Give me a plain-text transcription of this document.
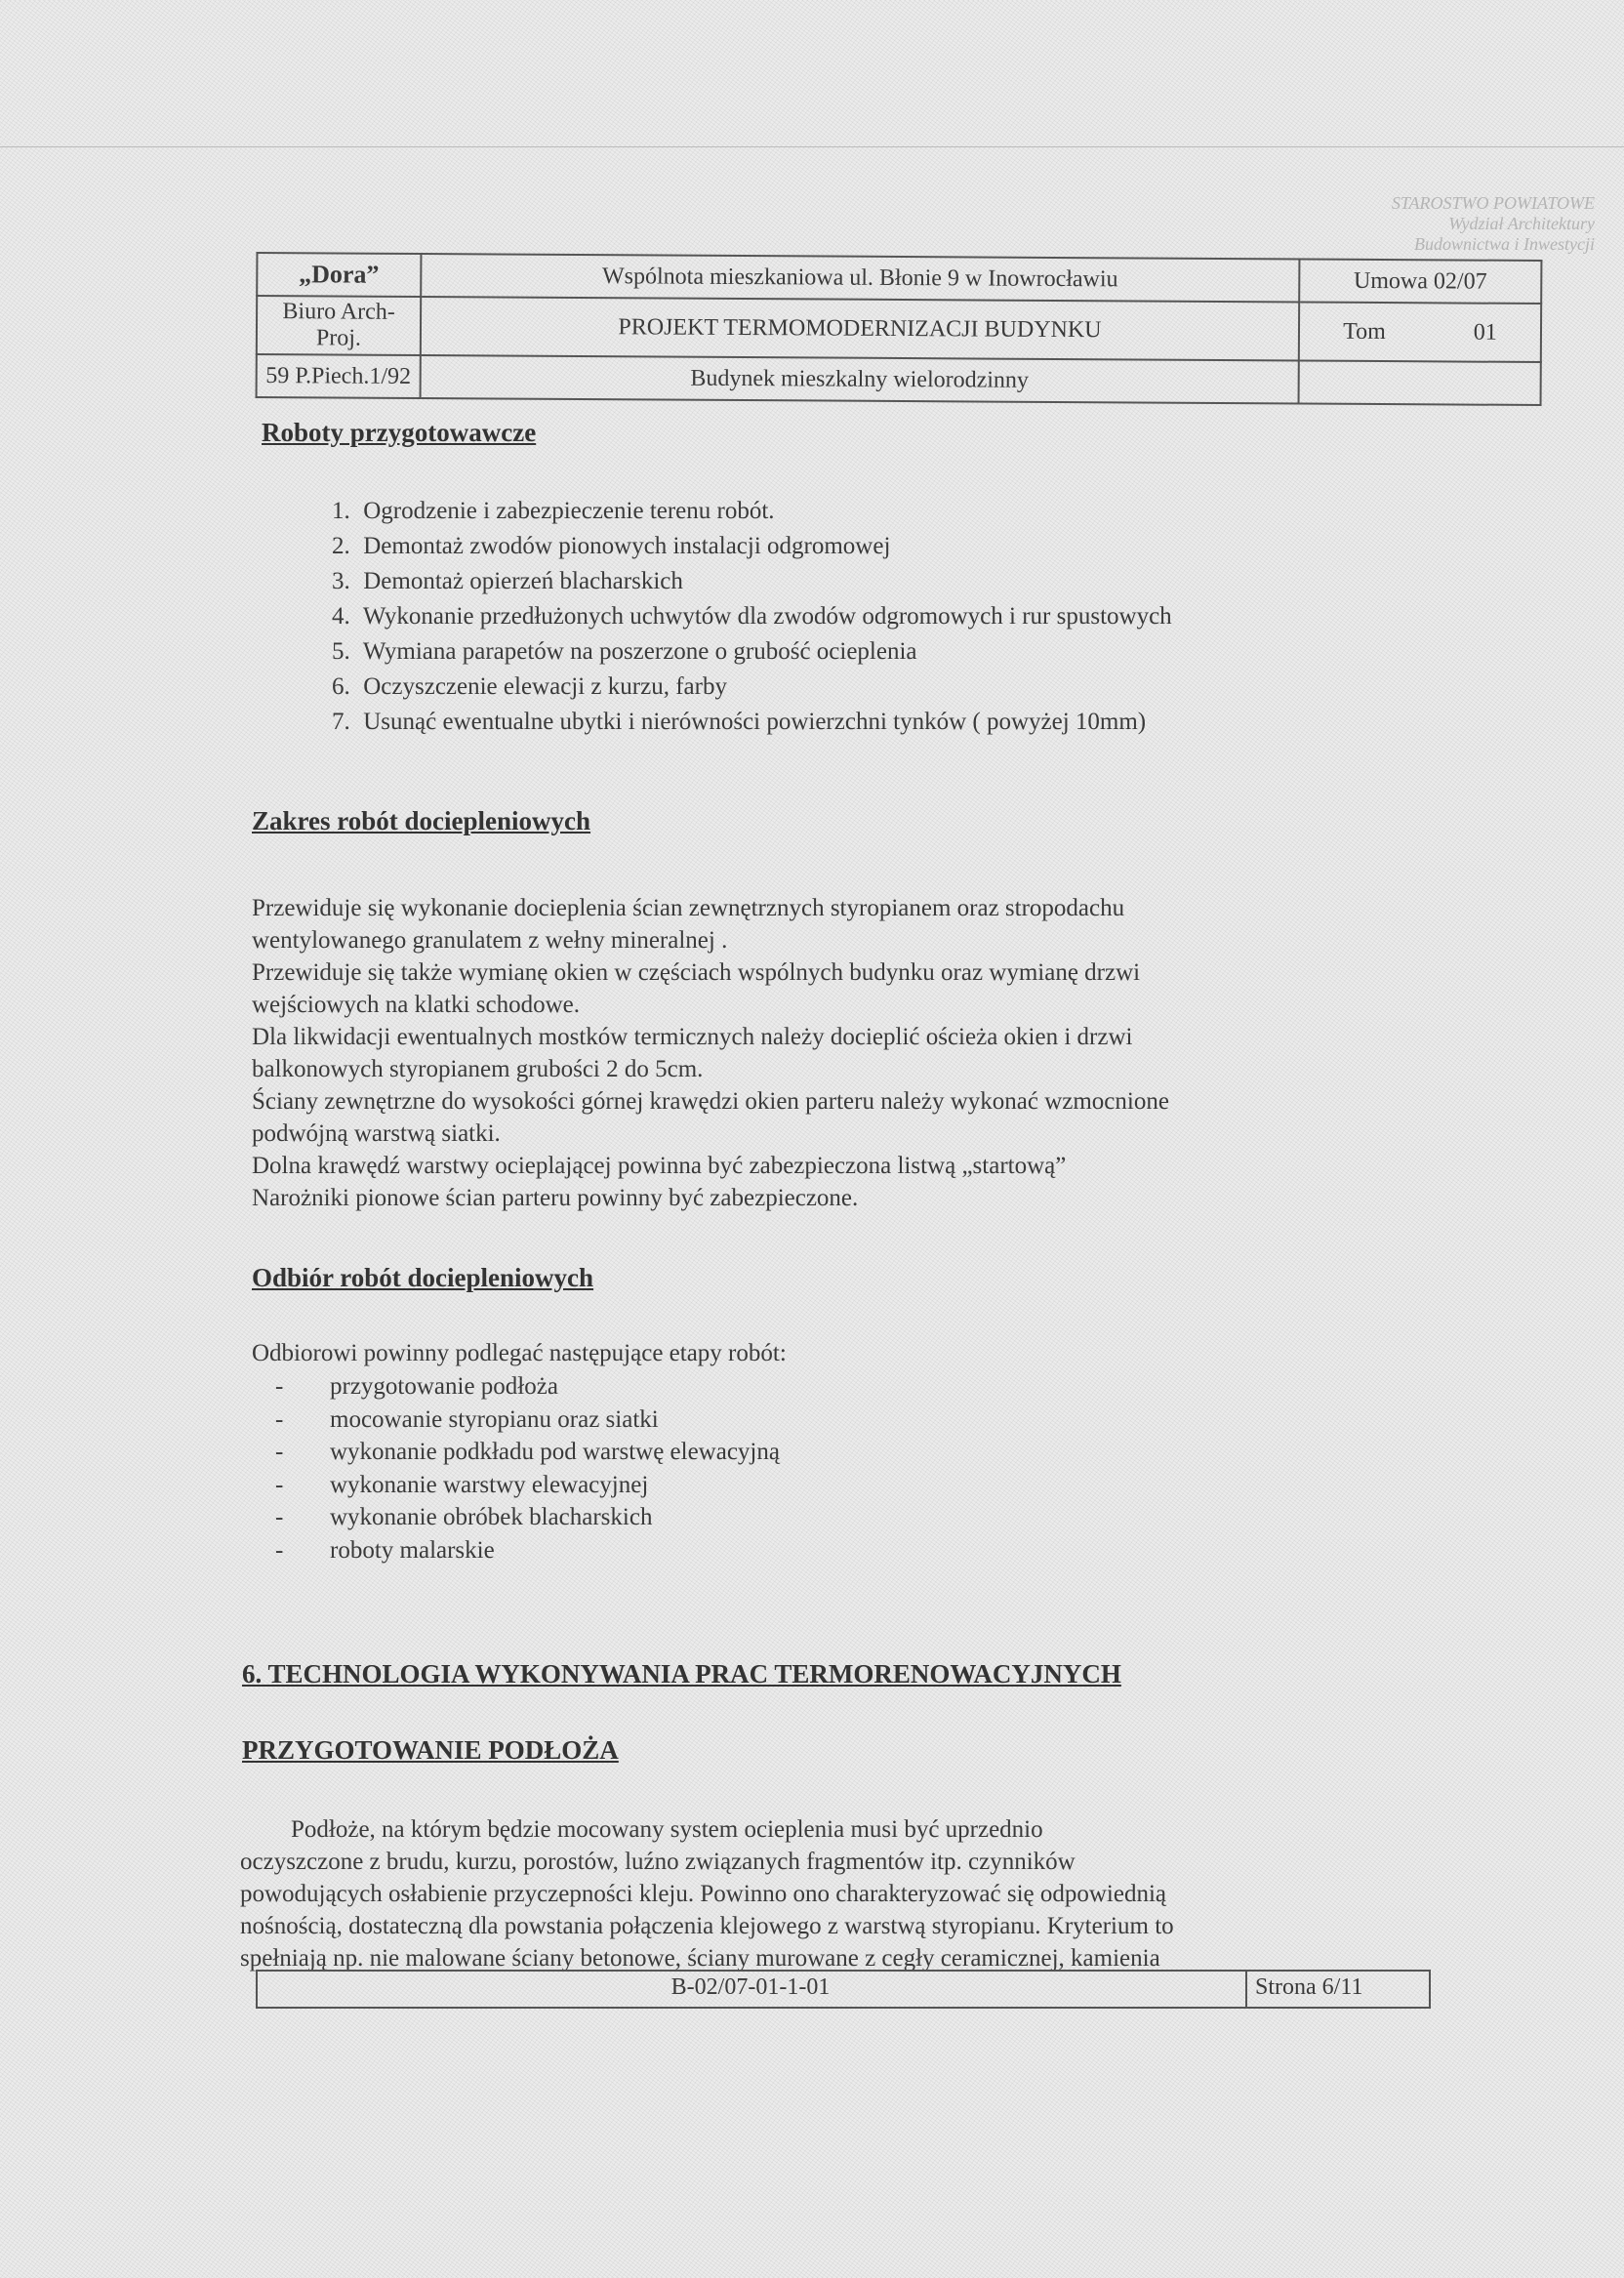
STAROSTWO POWIATOWE
Wydział Architektury
Budownictwa i Inwestycji
„Dora”	Wspólnota mieszkaniowa ul. Błonie 9 w Inowrocławiu	Umowa 02/07
Biuro Arch-Proj.	PROJEKT TERMOMODERNIZACJI BUDYNKU	Tom 01
59 P.Piech.1/92	Budynek mieszkalny wielorodzinny	
Roboty przygotowawcze
1. Ogrodzenie i zabezpieczenie terenu robót.
2. Demontaż zwodów pionowych instalacji odgromowej
3. Demontaż opierzeń blacharskich
4. Wykonanie przedłużonych uchwytów dla zwodów odgromowych i rur spustowych
5. Wymiana parapetów na poszerzone o grubość ocieplenia
6. Oczyszczenie elewacji z kurzu, farby
7. Usunąć ewentualne ubytki i nierówności powierzchni tynków ( powyżej 10mm)
Zakres robót dociepleniowych
Przewiduje się wykonanie docieplenia ścian zewnętrznych styropianem oraz stropodachu
wentylowanego granulatem z wełny mineralnej .
Przewiduje się także wymianę okien w częściach wspólnych budynku oraz wymianę drzwi
wejściowych na klatki schodowe.
Dla likwidacji ewentualnych mostków termicznych należy docieplić ościeża okien i drzwi
balkonowych styropianem grubości 2 do 5cm.
Ściany zewnętrzne do wysokości górnej krawędzi okien parteru należy wykonać wzmocnione
podwójną warstwą siatki.
Dolna krawędź warstwy ocieplającej powinna być zabezpieczona listwą „startową”
Narożniki pionowe ścian parteru powinny być zabezpieczone.
Odbiór robót dociepleniowych
Odbiorowi powinny podlegać następujące etapy robót:
- przygotowanie podłoża
- mocowanie styropianu oraz siatki
- wykonanie podkładu pod warstwę elewacyjną
- wykonanie warstwy elewacyjnej
- wykonanie obróbek blacharskich
- roboty malarskie
6. TECHNOLOGIA WYKONYWANIA PRAC TERMORENOWACYJNYCH
PRZYGOTOWANIE PODŁOŻA
Podłoże, na którym będzie mocowany system ocieplenia musi być uprzednio
oczyszczone z brudu, kurzu, porostów, luźno związanych fragmentów itp. czynników
powodujących osłabienie przyczepności kleju. Powinno ono charakteryzować się odpowiednią
nośnością, dostateczną dla powstania połączenia klejowego z warstwą styropianu. Kryterium to
spełniają np. nie malowane ściany betonowe, ściany murowane z cegły ceramicznej, kamienia
B-02/07-01-1-01	Strona 6/11
